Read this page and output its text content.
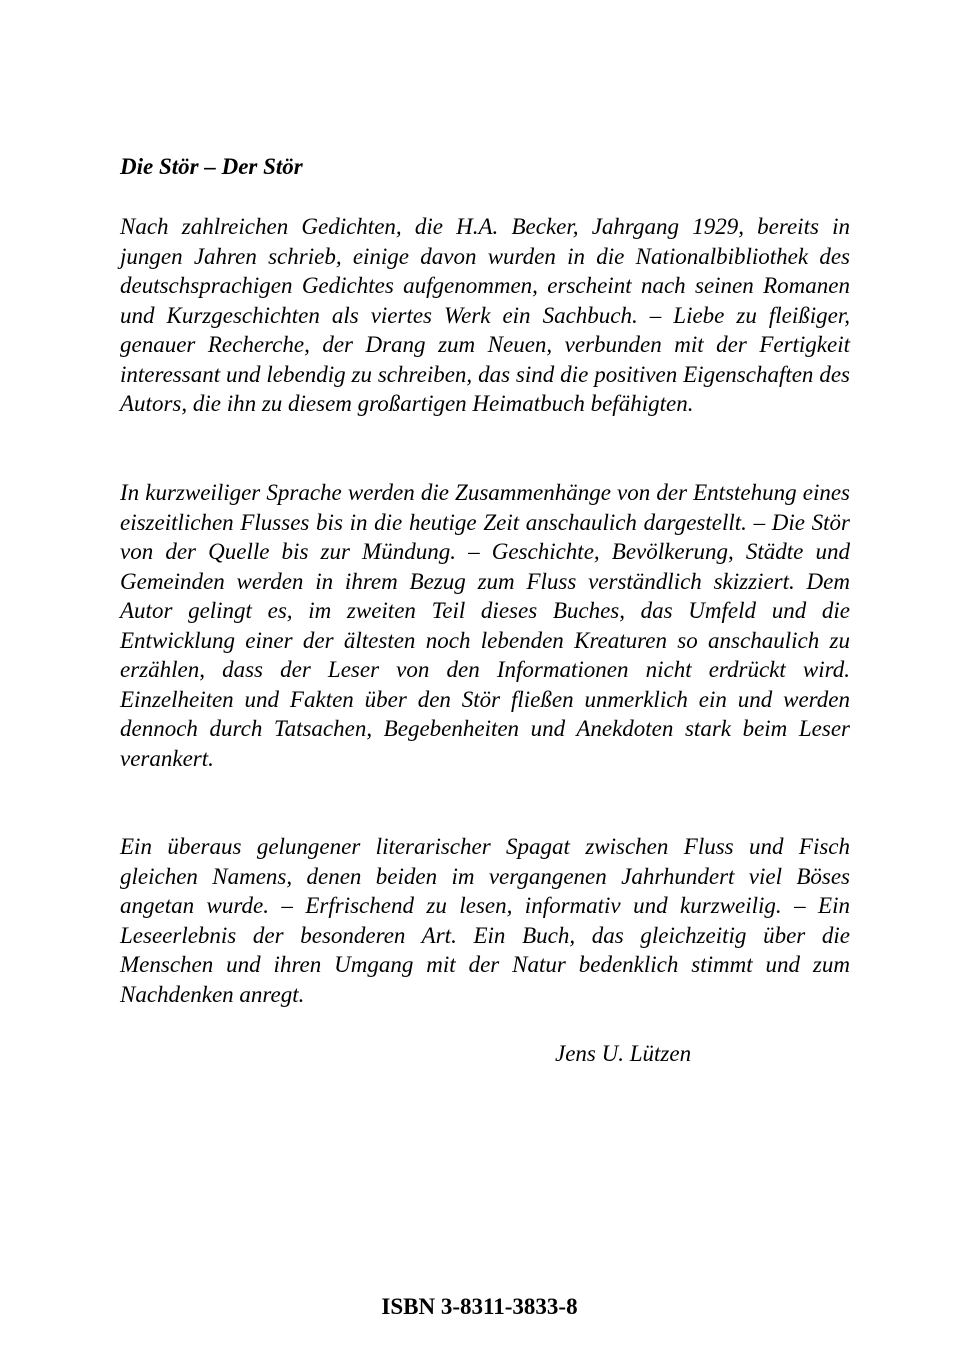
Die Stör – Der Stör

Nach zahlreichen Gedichten, die H.A. Becker, Jahrgang 1929, bereits in jungen Jahren schrieb, einige davon wurden in die Nationalbibliothek des deutschsprachigen Gedichtes aufgenommen, erscheint nach seinen Romanen und Kurzgeschichten als viertes Werk ein Sachbuch. – Liebe zu fleißiger, genauer Recherche, der Drang zum Neuen, verbunden mit der Fertigkeit interessant und lebendig zu schreiben, das sind die positiven Eigenschaften des Autors, die ihn zu diesem großartigen Heimatbuch befähigten.

In kurzweiliger Sprache werden die Zusammenhänge von der Entstehung eines eiszeitlichen Flusses bis in die heutige Zeit anschaulich dargestellt. – Die Stör von der Quelle bis zur Mündung. – Geschichte, Bevölkerung, Städte und Gemeinden werden in ihrem Bezug zum Fluss verständlich skizziert. Dem Autor gelingt es, im zweiten Teil dieses Buches, das Umfeld und die Entwicklung einer der ältesten noch lebenden Kreaturen so anschaulich zu erzählen, dass der Leser von den Informationen nicht erdrückt wird. Einzelheiten und Fakten über den Stör fließen unmerklich ein und werden dennoch durch Tatsachen, Begebenheiten und Anekdoten stark beim Leser verankert.

Ein überaus gelungener literarischer Spagat zwischen Fluss und Fisch gleichen Namens, denen beiden im vergangenen Jahrhundert viel Böses angetan wurde. – Erfrischend zu lesen, informativ und kurzweilig. – Ein Leseerlebnis der besonderen Art. Ein Buch, das gleichzeitig über die Menschen und ihren Umgang mit der Natur bedenklich stimmt und zum Nachdenken anregt.

Jens U. Lützen

ISBN 3-8311-3833-8
